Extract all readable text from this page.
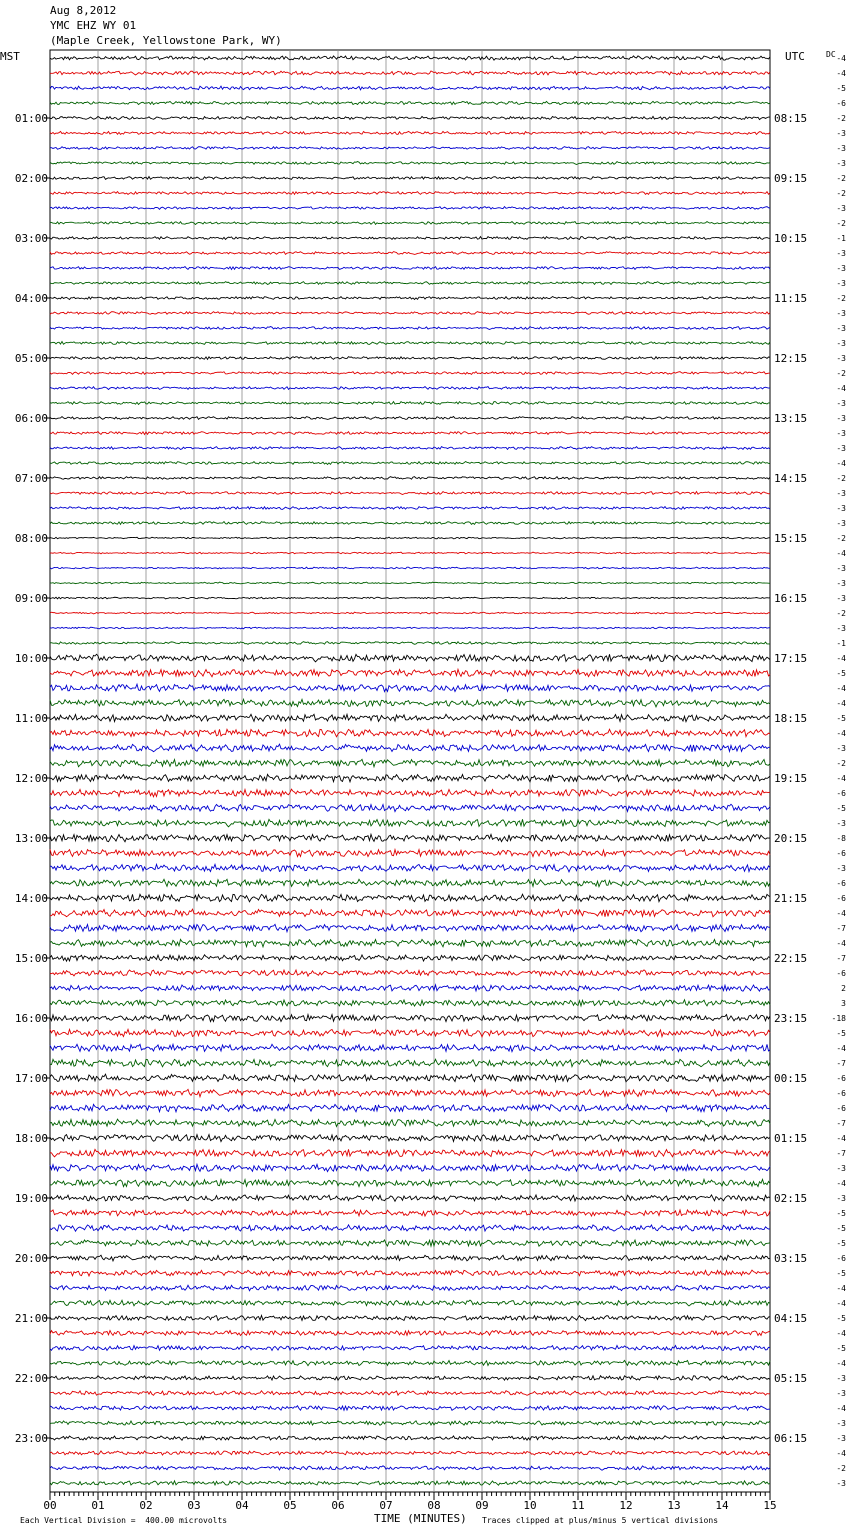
Aug 8,2012
YMC EHZ WY 01
(Maple Creek, Yellowstone Park, WY)
MST	UTC	DC
01:00
02:00
03:00
04:00
05:00
06:00
07:00
08:00
09:00
10:00
11:00
12:00
13:00
14:00
15:00
16:00
17:00
18:00
19:00
20:00
21:00
22:00
23:00
08:15
09:15
10:15
11:15
12:15
13:15
14:15
15:15
16:15
17:15
18:15
19:15
20:15
21:15
22:15
23:15
00:15
01:15
02:15
03:15
04:15
05:15
06:15
-4
-4
-5
-6
-2
-3
-3
-3
-2
-2
-3
-2
-1
-3
-3
-3
-2
-3
-3
-3
-3
-2
-4
-3
-3
-3
-3
-4
-2
-3
-3
-3
-2
-4
-3
-3
-3
-2
-3
-1
-4
-5
-4
-4
-5
-4
-3
-2
-4
-6
-5
-3
-8
-6
-3
-6
-6
-4
-7
-4
-7
-6
2
3
-18
-5
-4
-7
-6
-6
-6
-7
-4
-7
-3
-4
-3
-5
-5
-5
-6
-5
-4
-4
-5
-4
-5
-4
-3
-3
-4
-3
-3
-4
-2
-3
00	01	02	03	04	05	06	07	08	09	10	11	12	13	14	15
Each Vertical Division =  400.00 microvolts	TIME (MINUTES) Traces clipped at plus/minus 5 vertical divisions
